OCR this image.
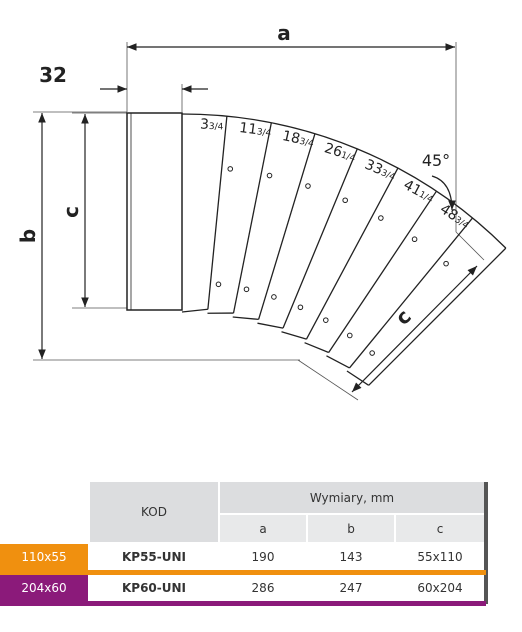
33/4 113/4 183/4 261/4 333/4
411/4
483/4
a
32
b
c
c
45°
KOD
Wymiary, mm
a	b	c
110x55	KP55-UNI	190	143	55x110
204x60	KP60-UNI	286	247	60x204
